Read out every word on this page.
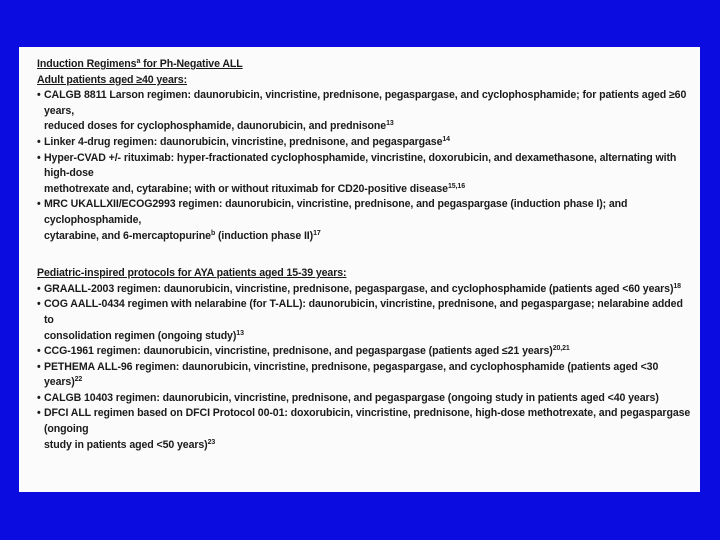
Induction Regimens$^a$ for Ph-Negative ALL
Adult patients aged ≥40 years:
• CALGB 8811 Larson regimen: daunorubicin, vincristine, prednisone, pegaspargase, and cyclophosphamide; for patients aged ≥60 years,
reduced doses for cyclophosphamide, daunorubicin, and prednisone$^{13}$
• Linker 4-drug regimen: daunorubicin, vincristine, prednisone, and pegaspargase$^{14}$
• Hyper-CVAD +/- rituximab: hyper-fractionated cyclophosphamide, vincristine, doxorubicin, and dexamethasone, alternating with high-dose
methotrexate and, cytarabine; with or without rituximab for CD20-positive disease$^{15,16}$
• MRC UKALLXII/ECOG2993 regimen: daunorubicin, vincristine, prednisone, and pegaspargase (induction phase I); and cyclophosphamide,
cytarabine, and 6-mercaptopurine$^b$ (induction phase II)$^{17}$
Pediatric-inspired protocols for AYA patients aged 15-39 years:
• GRAALL-2003 regimen: daunorubicin, vincristine, prednisone, pegaspargase, and cyclophosphamide (patients aged <60 years)$^{18}$
• COG AALL-0434 regimen with nelarabine (for T-ALL): daunorubicin, vincristine, prednisone, and pegaspargase; nelarabine added to
consolidation regimen (ongoing study)$^{13}$
• CCG-1961 regimen: daunorubicin, vincristine, prednisone, and pegaspargase (patients aged ≤21 years)$^{20,21}$
• PETHEMA ALL-96 regimen: daunorubicin, vincristine, prednisone, pegaspargase, and cyclophosphamide (patients aged <30 years)$^{22}$
• CALGB 10403 regimen: daunorubicin, vincristine, prednisone, and pegaspargase (ongoing study in patients aged <40 years)
• DFCI ALL regimen based on DFCI Protocol 00-01: doxorubicin, vincristine, prednisone, high-dose methotrexate, and pegaspargase (ongoing
study in patients aged <50 years)$^{23}$
